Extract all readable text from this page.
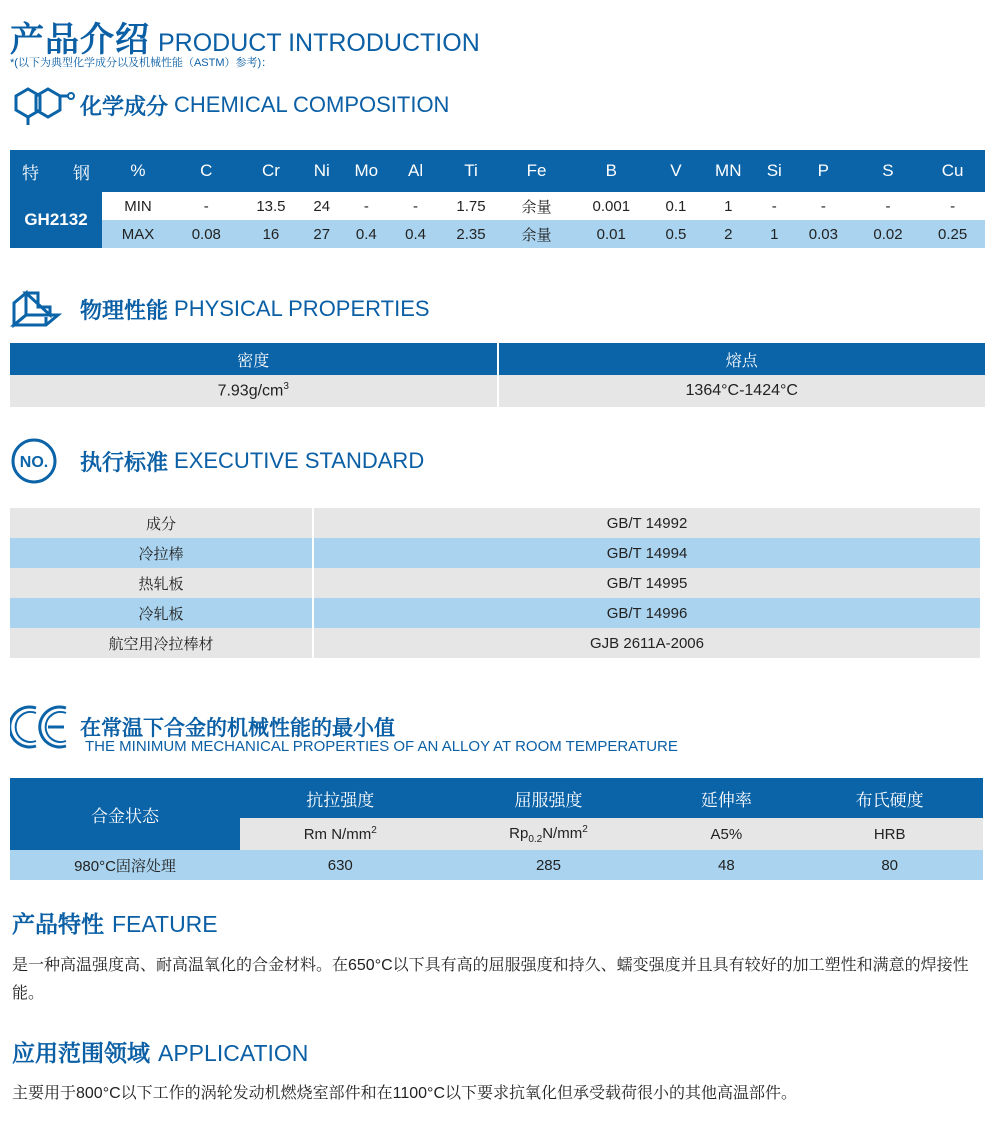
产品介绍 PRODUCT INTRODUCTION
*(以下为典型化学成分以及机械性能（ASTM）参考)：
化学成分 CHEMICAL COMPOSITION
特 钢	%	C	Cr	Ni	Mo	Al	Ti	Fe	B	V	MN	Si	P	S	Cu
GH2132	MIN	-	13.5	24	-	-	1.75	余量	0.001	0.1	1	-	-	-	-
	MAX	0.08	16	27	0.4	0.4	2.35	余量	0.01	0.5	2	1	0.03	0.02	0.25
物理性能 PHYSICAL PROPERTIES
密度	熔点
$7.93g/cm^3$	1364°C-1424°C
NO. 执行标准 EXECUTIVE STANDARD
成分	GB/T 14992
冷拉棒	GB/T 14994
热轧板	GB/T 14995
冷轧板	GB/T 14996
航空用冷拉棒材	GJB 2611A-2006
在常温下合金的机械性能的最小值
THE MINIMUM MECHANICAL PROPERTIES OF AN ALLOY AT ROOM TEMPERATURE
合金状态	抗拉强度	屈服强度	延伸率	布氏硬度
	Rm $N/mm^2$	$Rp_{0.2}N/mm^2$	A5%	HRB
980°C固溶处理	630	285	48	80
产品特性 FEATURE
是一种高温强度高、耐高温氧化的合金材料。在650°C以下具有高的屈服强度和持久、蠕变强度并且具有较好的加工塑性和满意的焊接性能。
应用范围领域 APPLICATION
主要用于800°C以下工作的涡轮发动机燃烧室部件和在1100°C以下要求抗氧化但承受载荷很小的其他高温部件。
